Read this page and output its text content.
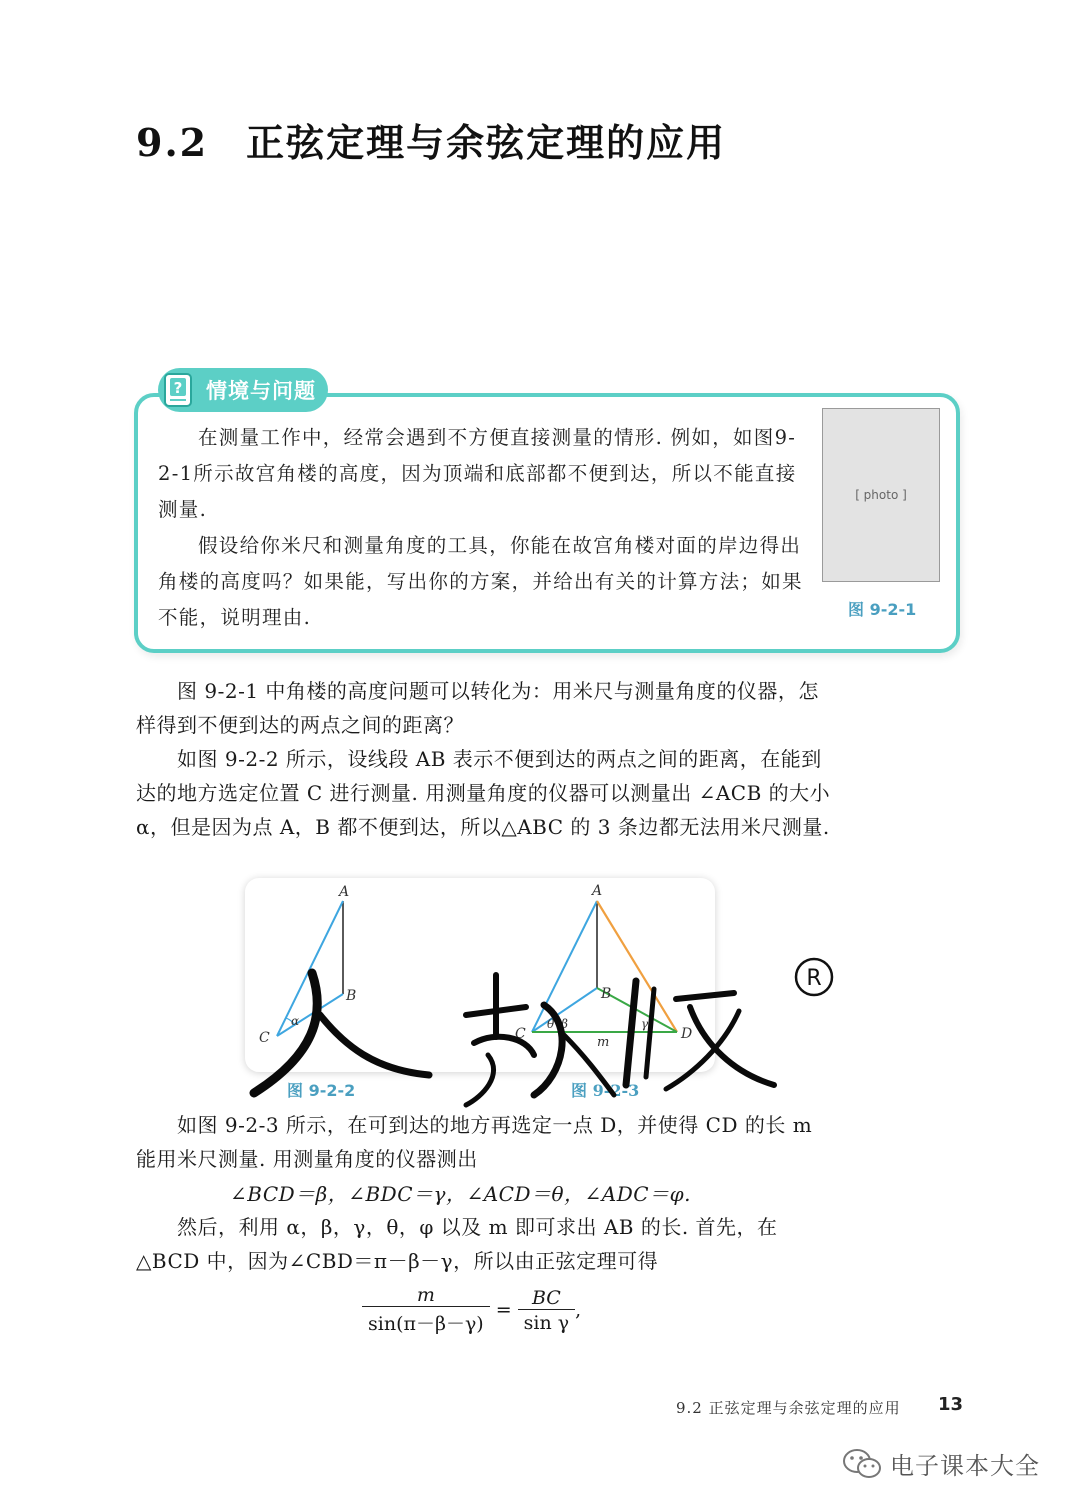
9.2 正弦定理与余弦定理的应用
? 情境与问题

在测量工作中，经常会遇到不方便直接测量的情形. 例如，如图9-2-1所示故宫角楼的高度，因为顶端和底部都不便到达，所以不能直接测量.

假设给你米尺和测量角度的工具，你能在故宫角楼对面的岸边得出角楼的高度吗？如果能，写出你的方案，并给出有关的计算方法；如果不能，说明理由.

[ photo ]
图 9-2-1

图 9-2-1 中角楼的高度问题可以转化为：用米尺与测量角度的仪器，怎样得到不便到达的两点之间的距离？

如图 9-2-2 所示，设线段 AB 表示不便到达的两点之间的距离，在能到达的地方选定位置 C 进行测量. 用测量角度的仪器可以测量出 ∠ACB 的大小α，但是因为点 A，B 都不便到达，所以△ABC 的 3 条边都无法用米尺测量.

A
B
C
α
A
B
C	D
θ β	γ
m
图 9-2-2	图 9-2-3
R

如图 9-2-3 所示，在可到达的地方再选定一点 D，并使得 CD 的长 m 能用米尺测量. 用测量角度的仪器测出

∠BCD＝β，∠BDC＝γ，∠ACD＝θ，∠ADC＝φ.

然后，利用 α，β，γ，θ，φ 以及 m 即可求出 AB 的长. 首先，在△BCD 中，因为∠CBD＝π－β－γ，所以由正弦定理可得

$\frac{m}{\sin(\pi-\beta-\gamma)} = \frac{BC}{\text{sin γ}}$ ,
9.2 正弦定理与余弦定理的应用 13
电子课本大全
